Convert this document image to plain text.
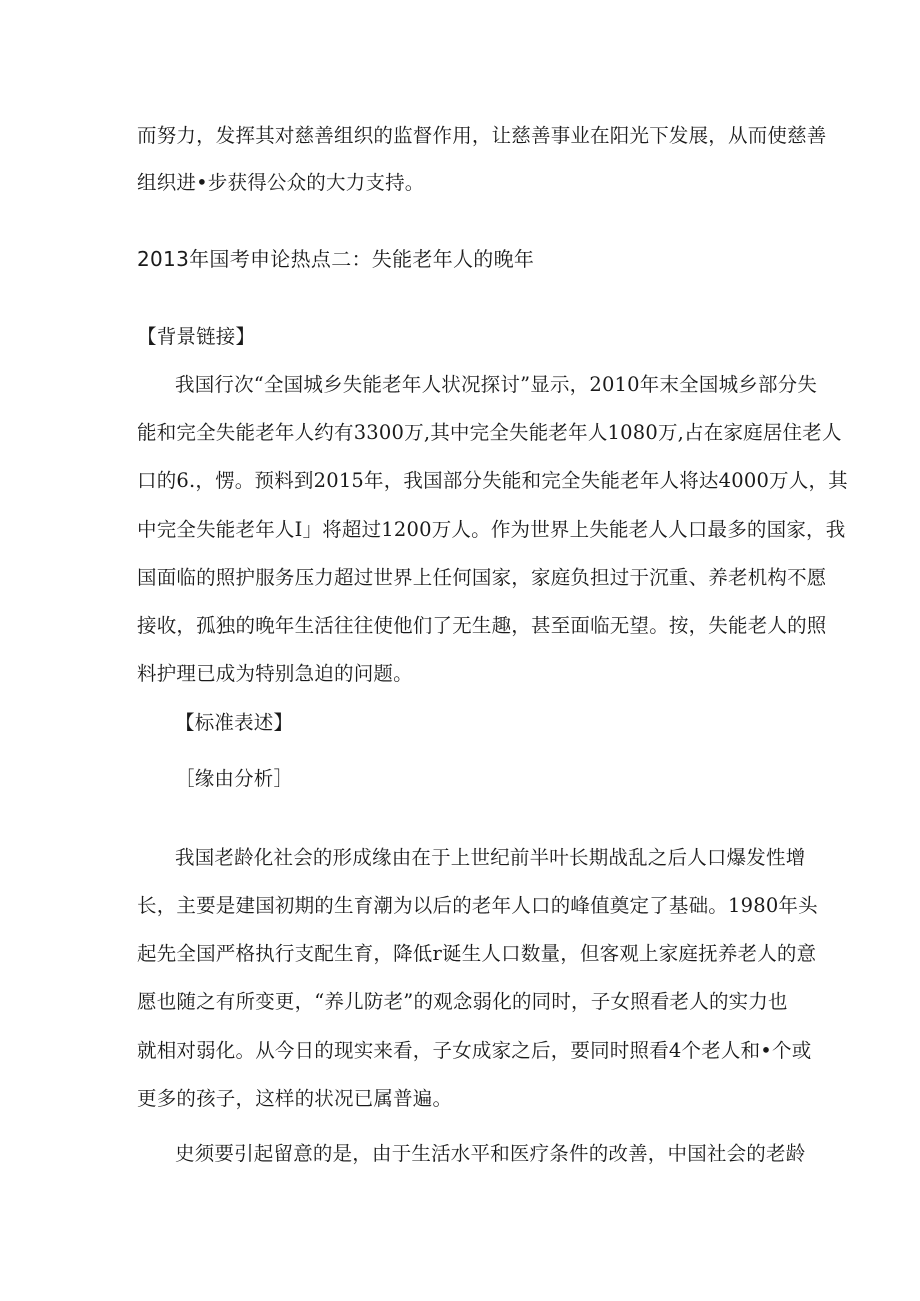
而努力，发挥其对慈善组织的监督作用，让慈善事业在阳光下发展，从而使慈善
组织进•步获得公众的大力支持。
2013年国考申论热点二：失能老年人的晚年
【背景链接】
我国行次“全国城乡失能老年人状况探讨”显示，2010年末全国城乡部分失
能和完全失能老年人约有3300万,其中完全失能老年人1080万,占在家庭居住老人
口的6.，愣。预料到2015年，我国部分失能和完全失能老年人将达4000万人，其
中完全失能老年人I」将超过1200万人。作为世界上失能老人人口最多的国家，我
国面临的照护服务压力超过世界上任何国家，家庭负担过于沉重、养老机构不愿
接收，孤独的晚年生活往往使他们了无生趣，甚至面临无望。按，失能老人的照
料护理已成为特别急迫的问题。
【标准表述】
［缘由分析］
我国老龄化社会的形成缘由在于上世纪前半叶长期战乱之后人口爆发性增
长，主要是建国初期的生育潮为以后的老年人口的峰值奠定了基础。1980年头
起先全国严格执行支配生育，降低r诞生人口数量，但客观上家庭抚养老人的意
愿也随之有所变更，“养儿防老”的观念弱化的同时，子女照看老人的实力也
就相对弱化。从今日的现实来看，子女成家之后，要同时照看4个老人和•个或
更多的孩子，这样的状况已属普遍。
史须要引起留意的是，由于生活水平和医疗条件的改善，中国社会的老龄
